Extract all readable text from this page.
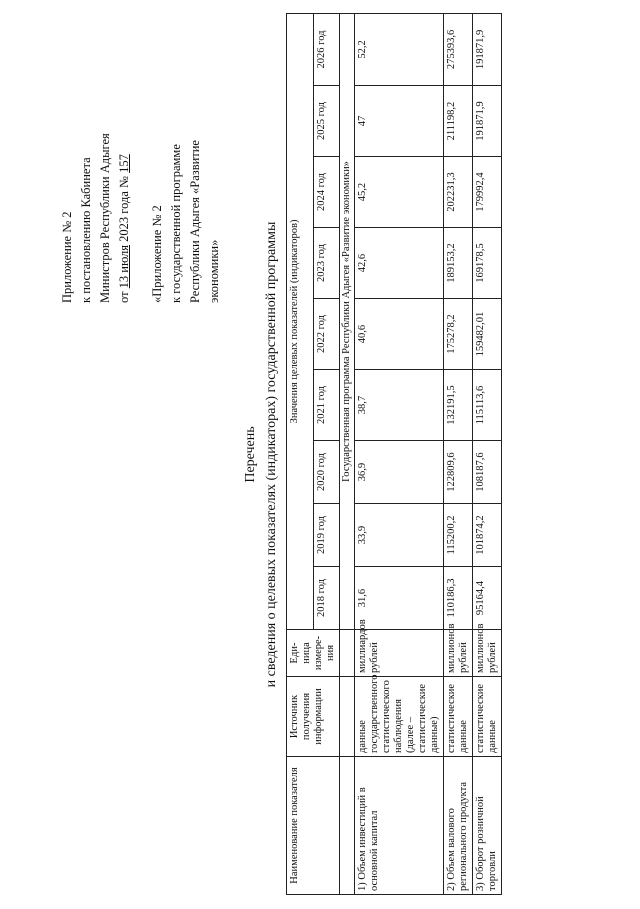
Приложение № 2 к постановлению Кабинета Министров Республики Адыгея от 13 июля 2023 года № 157
«Приложение № 2 к государственной программе Республики Адыгея «Развитие экономики»
Перечень и сведения о целевых показателях (индикаторах) государственной программы
Наименование показателя	Источник получения информации	Еди- ница измере- ния	Значения целевых показателей (индикаторов)								
			2018 год	2019 год	2020 год	2021 год	2022 год	2023 год	2024 год	2025 год	2026 год
			Государственная программа Республики Адыгея «Развитие экономики»								
1) Объем инвестиций в основной капитал	данные государственного статистического наблюдения (далее – статистические данные)	миллиардов рублей	31,6	33,9	36,9	38,7	40,6	42,6	45,2	47	52,2
2) Объем валового регионального продукта	статистические данные	миллионов рублей	110186,3	115200,2	122809,6	132191,5	175278,2	189153,2	202231,3	211198,2	275393,6
3) Оборот розничной торговли	статистические данные	миллионов рублей	95164,4	101874,2	108187,6	115113,6	159482,01	169178,5	179992,4	191871,9	191871,9
